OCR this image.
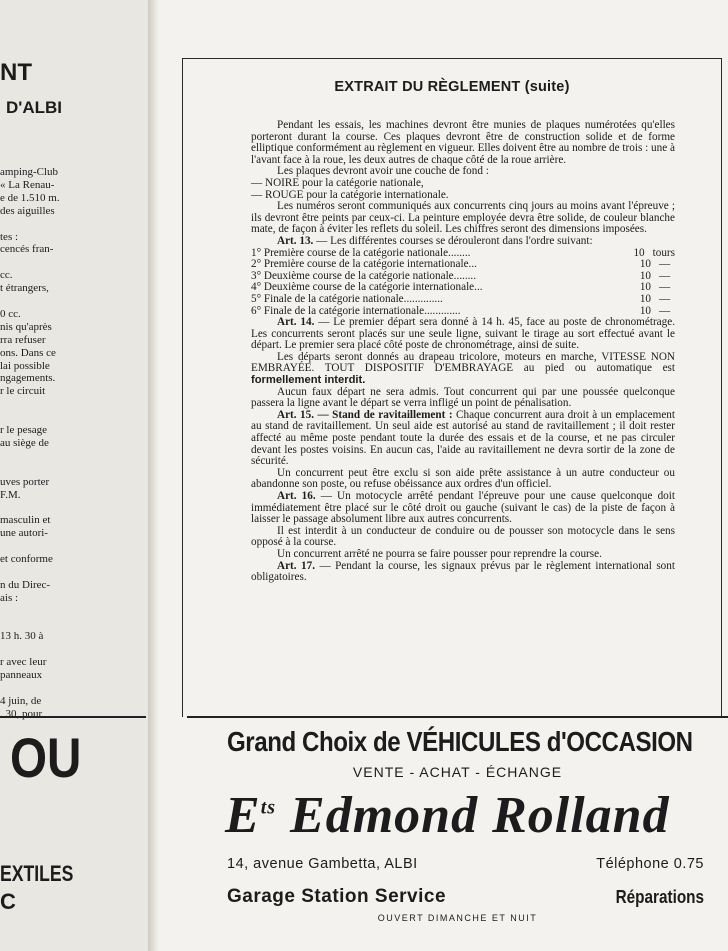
NT
D'ALBI
amping-Club
« La Renau-
e de 1.510 m.
des aiguilles
tes :
cencés fran-
cc.
t étrangers,
0 cc.
nis qu'après
rra refuser
ons. Dans ce
lai possible
ngagements.
r le circuit
r le pesage
au siège de
uves porter
F.M.
masculin et
une autori-
et conforme
n du Direc-
ais :
13 h. 30 à
r avec leur
panneaux
4 juin, de
. 30, pour
OU
EXTILES
C
EXTRAIT DU RÈGLEMENT (suite)

Pendant les essais, les machines devront être munies de plaques numérotées qu'elles porteront durant la course. Ces plaques devront être de construction solide et de forme elliptique conformément au règlement en vigueur. Elles doivent être au nombre de trois : une à l'avant face à la roue, les deux autres de chaque côté de la roue arrière.

Les plaques devront avoir une couche de fond :

— NOIRE pour la catégorie nationale,

— ROUGE pour la catégorie internationale.

Les numéros seront communiqués aux concurrents cinq jours au moins avant l'épreuve ; ils devront être peints par ceux-ci. La peinture employée devra être solide, de couleur blanche mate, de façon à éviter les reflets du soleil. Les chiffres seront des dimensions imposées.

Art. 13. — Les différentes courses se dérouleront dans l'ordre suivant:

1° Première course de la catégorie nationale........	10 tours
2° Première course de la catégorie internationale...	10 —
3° Deuxième course de la catégorie nationale........	10 —
4° Deuxième course de la catégorie internationale...	10 —
5° Finale de la catégorie nationale..............	10 —
6° Finale de la catégorie internationale.............	10 —

Art. 14. — Le premier départ sera donné à 14 h. 45, face au poste de chronométrage. Les concurrents seront placés sur une seule ligne, suivant le tirage au sort effectué avant le départ. Le premier sera placé côté poste de chronométrage, ainsi de suite.

Les départs seront donnés au drapeau tricolore, moteurs en marche, VITESSE NON EMBRAYÉE. TOUT DISPOSITIF D'EMBRAYAGE au pied ou automatique est formellement interdit.

Aucun faux départ ne sera admis. Tout concurrent qui par une poussée quelconque passera la ligne avant le départ se verra infligé un point de pénalisation.

Art. 15. — Stand de ravitaillement : Chaque concurrent aura droit à un emplacement au stand de ravitaillement. Un seul aide est autorisé au stand de ravitaillement ; il doit rester affecté au même poste pendant toute la durée des essais et de la course, et ne pas circuler devant les postes voisins. En aucun cas, l'aide au ravitaillement ne devra sortir de la zone de sécurité.

Un concurrent peut être exclu si son aide prête assistance à un autre conducteur ou abandonne son poste, ou refuse obéissance aux ordres d'un officiel.

Art. 16. — Un motocycle arrêté pendant l'épreuve pour une cause quelconque doit immédiatement être placé sur le côté droit ou gauche (suivant le cas) de la piste de façon à laisser le passage absolument libre aux autres concurrents.

Il est interdit à un conducteur de conduire ou de pousser son motocycle dans le sens opposé à la course.

Un concurrent arrêté ne pourra se faire pousser pour reprendre la course.

Art. 17. — Pendant la course, les signaux prévus par le règlement international sont obligatoires.

Grand Choix de VÉHICULES d'OCCASION
VENTE - ACHAT - ÉCHANGE
$E^{ts}$ Edmond Rolland
14, avenue Gambetta, ALBI	Téléphone 0.75
Garage Station Service	Réparations
OUVERT DIMANCHE ET NUIT
